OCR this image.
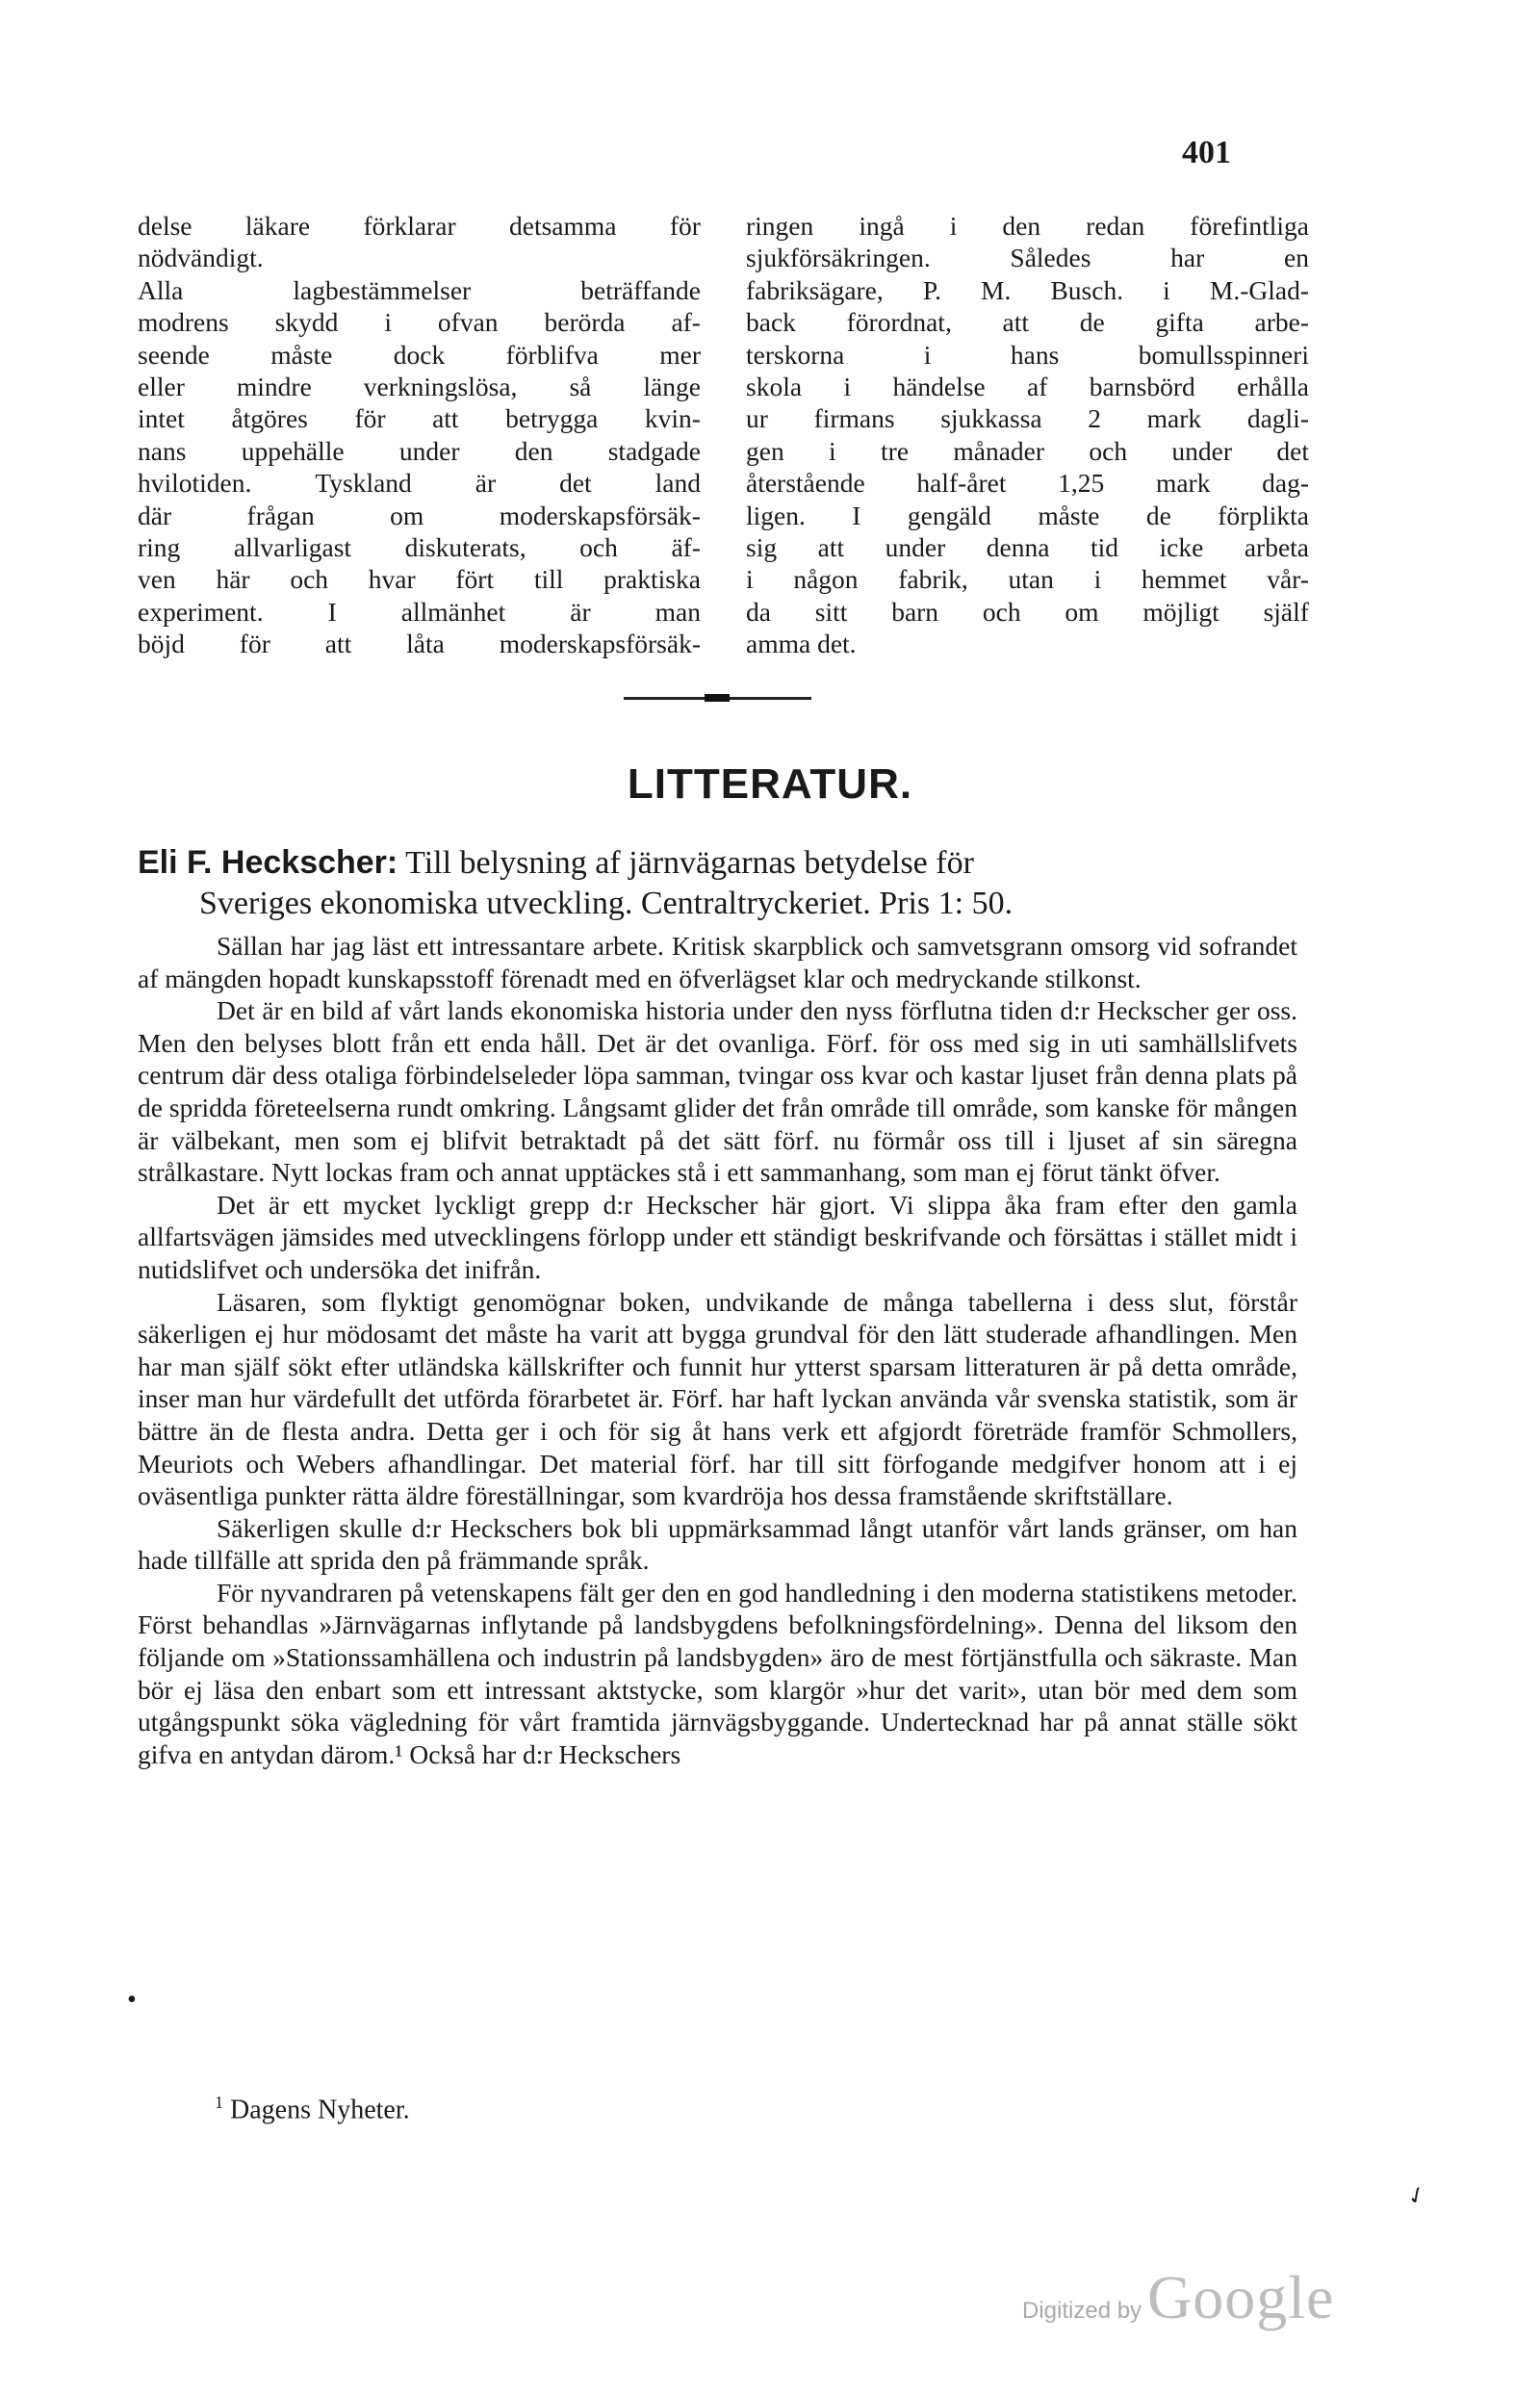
401
delse läkare förklarar detsamma för
nödvändigt.
Alla	lagbestämmelser	beträffande
modrens skydd i ofvan berörda af-
seende måste dock förblifva mer
eller mindre verkningslösa, så länge
intet åtgöres för att betrygga kvin-
nans uppehälle under den stadgade
hvilotiden. Tyskland är det land
där	frågan	om	moderskapsförsäk-
ring allvarligast diskuterats, och äf-
ven här och hvar fört till praktiska
experiment. I allmänhet är man
böjd för att låta moderskapsförsäk-
ringen ingå i den redan förefintliga
sjukförsäkringen.	Således	har	en
fabriksägare, P. M. Busch. i M.-Glad-
back förordnat, att de gifta arbe-
terskorna	i	hans	bomullsspinneri
skola i händelse af barnsbörd erhålla
ur firmans sjukkassa 2 mark dagli-
gen i tre månader och under det
återstående half-året 1,25 mark dag-
ligen. I gengäld måste de förplikta
sig att under denna tid icke arbeta
i någon fabrik, utan i hemmet vår-
da sitt barn och om möjligt själf
amma det.
LITTERATUR.
Eli F. Heckscher: Till belysning af järnvägarnas betydelse för
Sveriges ekonomiska utveckling. Centraltryckeriet. Pris 1: 50.

Sällan har jag läst ett intressantare arbete. Kritisk skarpblick och samvetsgrann omsorg vid sofrandet af mängden hopadt kunskapsstoff förenadt med en öfverlägset klar och medryckande stilkonst.

Det är en bild af vårt lands ekonomiska historia under den nyss förflutna tiden d:r Heckscher ger oss. Men den belyses blott från ett enda håll. Det är det ovanliga. Förf. för oss med sig in uti samhällslifvets centrum där dess otaliga förbindelseleder löpa samman, tvingar oss kvar och kastar ljuset från denna plats på de spridda företeelserna rundt omkring. Långsamt glider det från område till område, som kanske för mången är välbekant, men som ej blifvit betraktadt på det sätt förf. nu förmår oss till i ljuset af sin säregna strålkastare. Nytt lockas fram och annat upptäckes stå i ett sammanhang, som man ej förut tänkt öfver.

Det är ett mycket lyckligt grepp d:r Heckscher här gjort. Vi slippa åka fram efter den gamla allfartsvägen jämsides med utvecklingens förlopp under ett ständigt beskrifvande och försättas i stället midt i nutidslifvet och undersöka det inifrån.

Läsaren, som flyktigt genomögnar boken, undvikande de många tabellerna i dess slut, förstår säkerligen ej hur mödosamt det måste ha varit att bygga grundval för den lätt studerade afhandlingen. Men har man själf sökt efter utländska källskrifter och funnit hur ytterst sparsam litteraturen är på detta område, inser man hur värdefullt det utförda förarbetet är. Förf. har haft lyckan använda vår svenska statistik, som är bättre än de flesta andra. Detta ger i och för sig åt hans verk ett afgjordt företräde framför Schmollers, Meuriots och Webers afhandlingar. Det material förf. har till sitt förfogande medgifver honom att i ej oväsentliga punkter rätta äldre föreställningar, som kvardröja hos dessa framstående skriftställare.

Säkerligen skulle d:r Heckschers bok bli uppmärksammad långt utanför vårt lands gränser, om han hade tillfälle att sprida den på främmande språk.

För nyvandraren på vetenskapens fält ger den en god handledning i den moderna statistikens metoder. Först behandlas »Järnvägarnas inflytande på landsbygdens befolkningsfördelning». Denna del liksom den följande om »Stationssamhällena och industrin på landsbygden» äro de mest förtjänstfulla och säkraste. Man bör ej läsa den enbart som ett intressant aktstycke, som klargör »hur det varit», utan bör med dem som utgångspunkt söka vägledning för vårt framtida järnvägsbyggande. Undertecknad har på annat ställe sökt gifva en antydan därom.¹ Också har d:r Heckschers

•
$^1$ Dagens Nyheter.
✓
Digitized by Google
